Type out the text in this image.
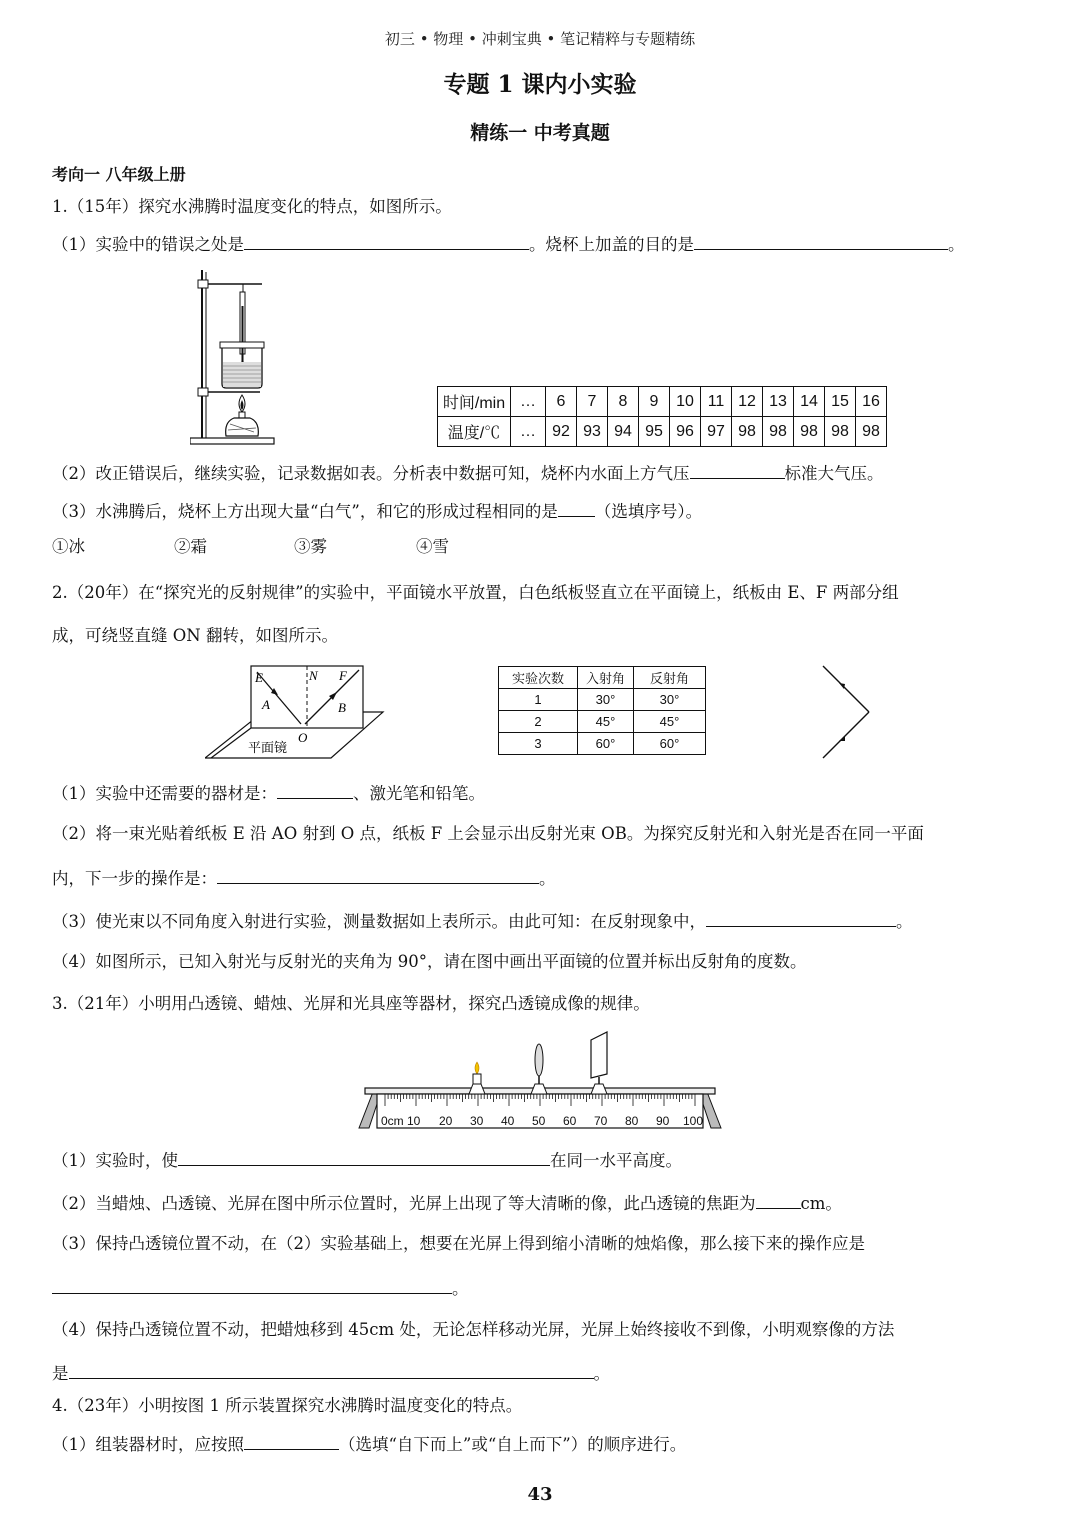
初三 • 物理 • 冲刺宝典 • 笔记精粹与专题精练
专题 1 课内小实验
精练一 中考真题
考向一 八年级上册
1.（15年）探究水沸腾时温度变化的特点，如图所示。
（1）实验中的错误之处是	。烧杯上加盖的目的是	。
时间/min	…	6	7	8	9	10	11	12	13	14	15	16
温度/℃	…	92	93	94	95	96	97	98	98	98	98	98
（2）改正错误后，继续实验，记录数据如表。分析表中数据可知，烧杯内水面上方气压	标准大气压。
（3）水沸腾后，烧杯上方出现大量“白气”，和它的形成过程相同的是 （选填序号）。
①冰	②霜	③雾	④雪
2.（20年）在“探究光的反射规律”的实验中，平面镜水平放置，白色纸板竖直立在平面镜上，纸板由 E、F 两部分组
成，可绕竖直缝 ON 翻转，如图所示。
E	N F
A	B
O
平面镜
实验次数	入射角	反射角
1	30°	30°
2	45°	45°
3	60°	60°
（1）实验中还需要的器材是：	、激光笔和铅笔。
（2）将一束光贴着纸板 E 沿 AO 射到 O 点，纸板 F 上会显示出反射光束 OB。为探究反射光和入射光是否在同一平面
内，下一步的操作是：	。
（3）使光束以不同角度入射进行实验，测量数据如上表所示。由此可知：在反射现象中，	。
（4）如图所示，已知入射光与反射光的夹角为 90°，请在图中画出平面镜的位置并标出反射角的度数。
3.（21年）小明用凸透镜、蜡烛、光屏和光具座等器材，探究凸透镜成像的规律。
0cm 10 20 30 40 50 60 70 80 90 100
（1）实验时，使	在同一水平高度。
（2）当蜡烛、凸透镜、光屏在图中所示位置时，光屏上出现了等大清晰的像，此凸透镜的焦距为	cm。
（3）保持凸透镜位置不动，在（2）实验基础上，想要在光屏上得到缩小清晰的烛焰像，那么接下来的操作应是
。
（4）保持凸透镜位置不动，把蜡烛移到 45cm 处，无论怎样移动光屏，光屏上始终接收不到像，小明观察像的方法
是	。
4.（23年）小明按图 1 所示装置探究水沸腾时温度变化的特点。
（1）组装器材时，应按照	（选填“自下而上”或“自上而下”）的顺序进行。
43
